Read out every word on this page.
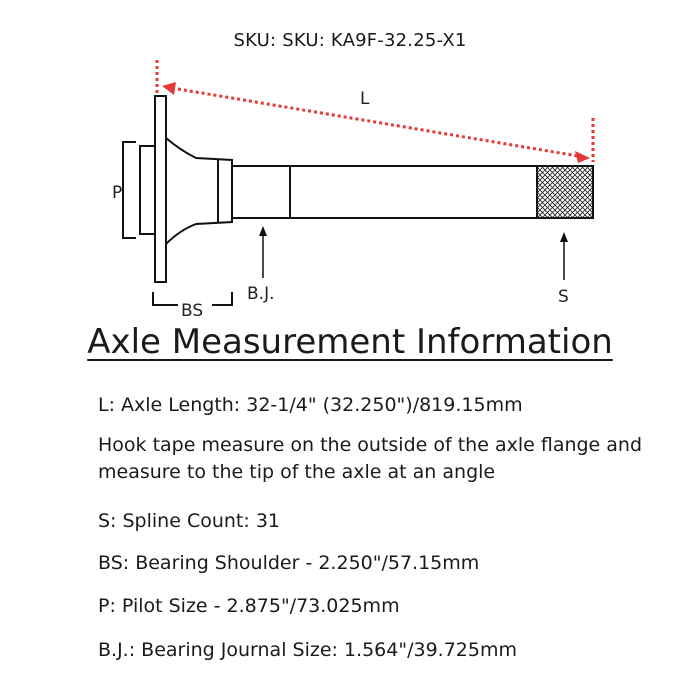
SKU: SKU: KA9F-32.25-X1
P
BS
B.J.	S
L
Axle Measurement Information
L: Axle Length: 32-1/4" (32.250")/819.15mm
Hook tape measure on the outside of the axle flange and measure to the tip of the axle at an angle
S: Spline Count: 31
BS: Bearing Shoulder - 2.250"/57.15mm
P: Pilot Size - 2.875"/73.025mm
B.J.: Bearing Journal Size: 1.564"/39.725mm
